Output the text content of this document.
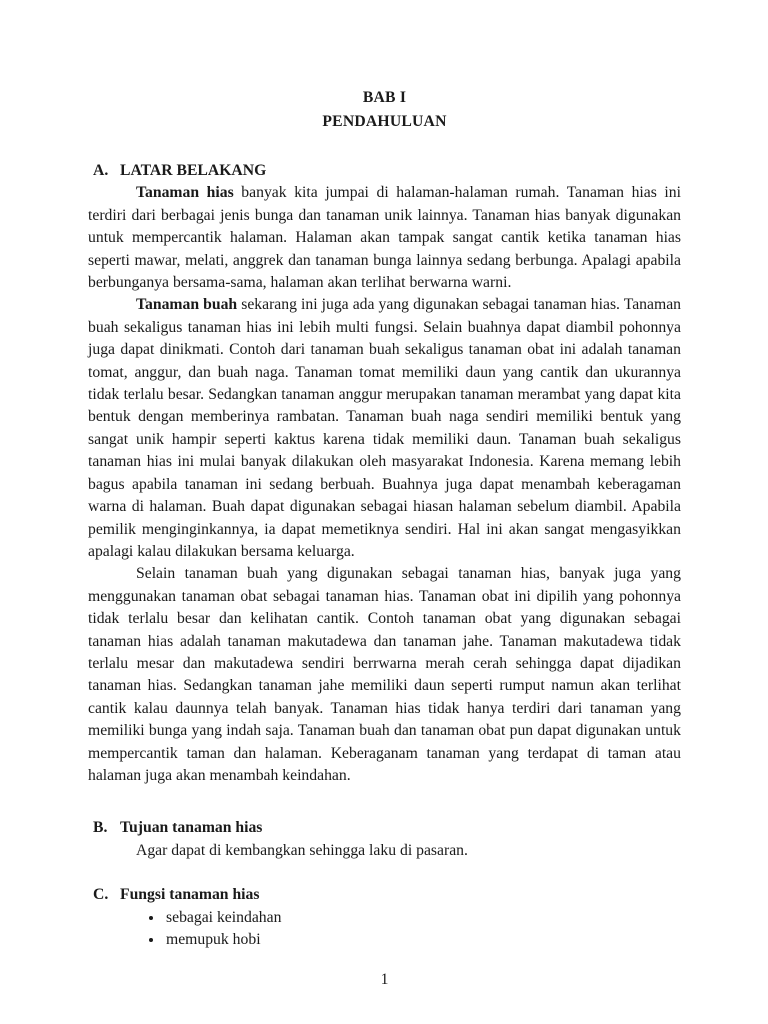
BAB I
PENDAHULUAN
A. LATAR BELAKANG

Tanaman hias banyak kita jumpai di halaman-halaman rumah. Tanaman hias ini terdiri dari berbagai jenis bunga dan tanaman unik lainnya. Tanaman hias banyak digunakan untuk mempercantik halaman. Halaman akan tampak sangat cantik ketika tanaman hias seperti mawar, melati, anggrek dan tanaman bunga lainnya sedang berbunga. Apalagi apabila berbunganya bersama-sama, halaman akan terlihat berwarna warni.

Tanaman buah sekarang ini juga ada yang digunakan sebagai tanaman hias. Tanaman buah sekaligus tanaman hias ini lebih multi fungsi. Selain buahnya dapat diambil pohonnya juga dapat dinikmati. Contoh dari tanaman buah sekaligus tanaman obat ini adalah tanaman tomat, anggur, dan buah naga. Tanaman tomat memiliki daun yang cantik dan ukurannya tidak terlalu besar. Sedangkan tanaman anggur merupakan tanaman merambat yang dapat kita bentuk dengan memberinya rambatan. Tanaman buah naga sendiri memiliki bentuk yang sangat unik hampir seperti kaktus karena tidak memiliki daun. Tanaman buah sekaligus tanaman hias ini mulai banyak dilakukan oleh masyarakat Indonesia. Karena memang lebih bagus apabila tanaman ini sedang berbuah. Buahnya juga dapat menambah keberagaman warna di halaman. Buah dapat digunakan sebagai hiasan halaman sebelum diambil. Apabila pemilik menginginkannya, ia dapat memetiknya sendiri. Hal ini akan sangat mengasyikkan apalagi kalau dilakukan bersama keluarga.

Selain tanaman buah yang digunakan sebagai tanaman hias, banyak juga yang menggunakan tanaman obat sebagai tanaman hias. Tanaman obat ini dipilih yang pohonnya tidak terlalu besar dan kelihatan cantik. Contoh tanaman obat yang digunakan sebagai tanaman hias adalah tanaman makutadewa dan tanaman jahe. Tanaman makutadewa tidak terlalu mesar dan makutadewa sendiri berrwarna merah cerah sehingga dapat dijadikan tanaman hias. Sedangkan tanaman jahe memiliki daun seperti rumput namun akan terlihat cantik kalau daunnya telah banyak. Tanaman hias tidak hanya terdiri dari tanaman yang memiliki bunga yang indah saja. Tanaman buah dan tanaman obat pun dapat digunakan untuk mempercantik taman dan halaman. Keberaganam tanaman yang terdapat di taman atau halaman juga akan menambah keindahan.

B. Tujuan tanaman hias

Agar dapat di kembangkan sehingga laku di pasaran.

C. Fungsi tanaman hias
• sebagai keindahan
• memupuk hobi
1
